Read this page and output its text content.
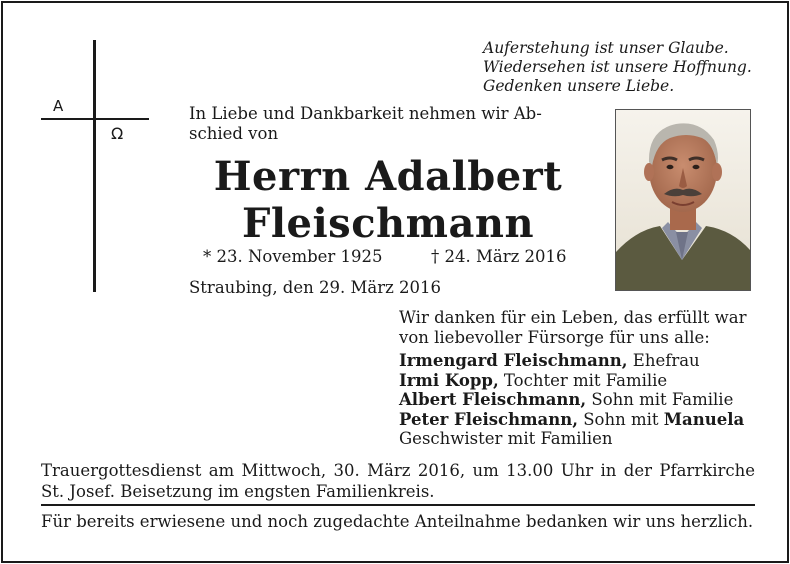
Auferstehung ist unser Glaube.
Wiedersehen ist unsere Hoffnung.
Gedenken unsere Liebe.
A
Ω
In Liebe und Dankbarkeit nehmen wir Ab-
schied von
Herrn Adalbert
Fleischmann
* 23. November 1925	† 24. März 2016
Straubing, den 29. März 2016
Wir danken für ein Leben, das erfüllt war
von liebevoller Fürsorge für uns alle:
Irmengard Fleischmann, Ehefrau
Irmi Kopp, Tochter mit Familie
Albert Fleischmann, Sohn mit Familie
Peter Fleischmann, Sohn mit Manuela
Geschwister mit Familien
Trauergottesdienst am Mittwoch, 30. März 2016, um 13.00 Uhr in der Pfarrkirche
St. Josef. Beisetzung im engsten Familienkreis.
Für bereits erwiesene und noch zugedachte Anteilnahme bedanken wir uns herzlich.
